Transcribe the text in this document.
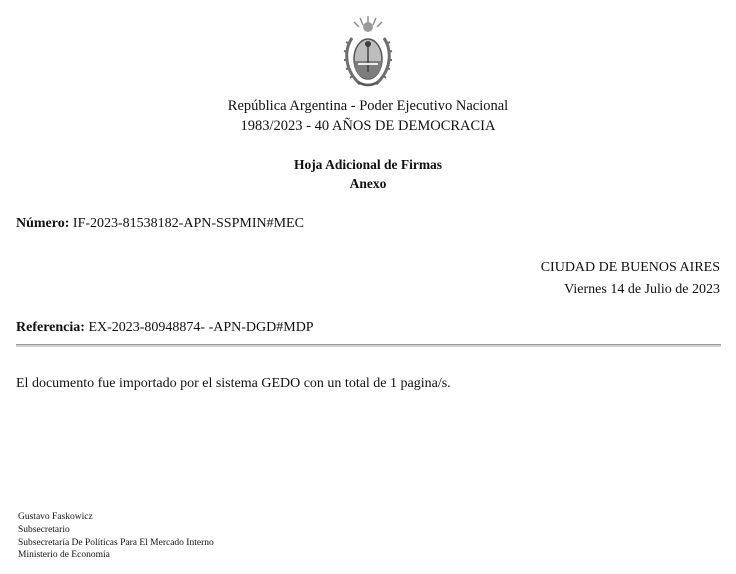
República Argentina - Poder Ejecutivo Nacional
1983/2023 - 40 AÑOS DE DEMOCRACIA
Hoja Adicional de Firmas
Anexo
Número: IF-2023-81538182-APN-SSPMIN#MEC
CIUDAD DE BUENOS AIRES
Viernes 14 de Julio de 2023
Referencia: EX-2023-80948874- -APN-DGD#MDP
El documento fue importado por el sistema GEDO con un total de 1 pagina/s.
Gustavo Faskowicz
Subsecretario
Subsecretaría De Políticas Para El Mercado Interno
Ministerio de Economía
